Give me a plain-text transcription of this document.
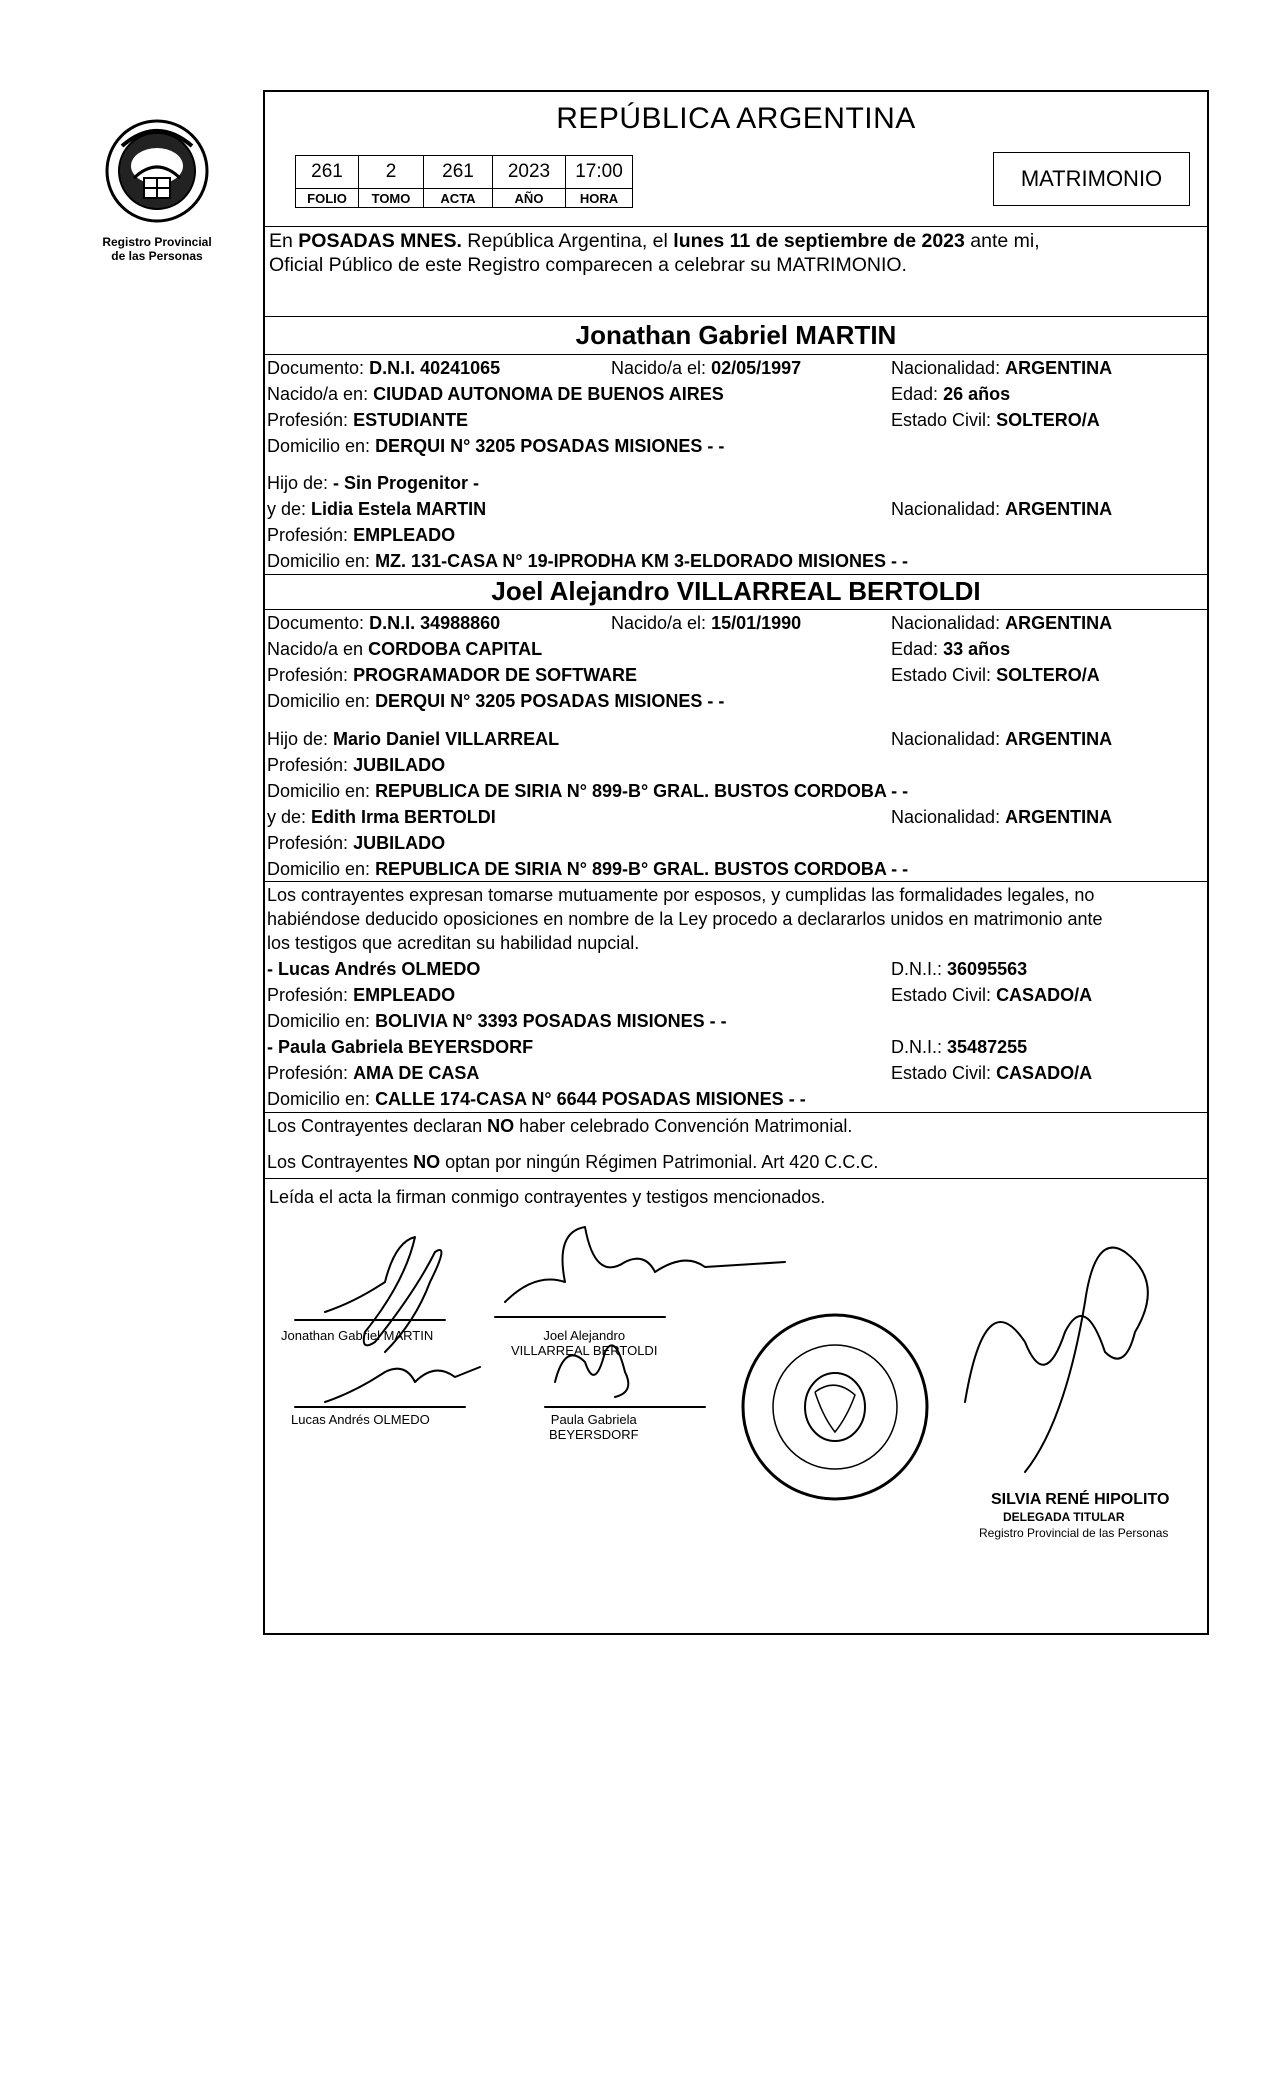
Registro Provincial
de las Personas
REPÚBLICA ARGENTINA
261	2	261	2023	17:00
FOLIO	TOMO	ACTA	AÑO	HORA
MATRIMONIO
En POSADAS MNES. República Argentina, el lunes 11 de septiembre de 2023 ante mi,
Oficial Público de este Registro comparecen a celebrar su MATRIMONIO.
Jonathan Gabriel MARTIN
Documento: D.N.I. 40241065	Nacido/a el: 02/05/1997	Nacionalidad: ARGENTINA
Nacido/a en: CIUDAD AUTONOMA DE BUENOS AIRES	Edad: 26 años
Profesión: ESTUDIANTE	Estado Civil: SOLTERO/A
Domicilio en: DERQUI N° 3205 POSADAS MISIONES - -
Hijo de: - Sin Progenitor -
y de: Lidia Estela MARTIN	Nacionalidad: ARGENTINA
Profesión: EMPLEADO
Domicilio en: MZ. 131-CASA N° 19-IPRODHA KM 3-ELDORADO MISIONES - -
Joel Alejandro VILLARREAL BERTOLDI
Documento: D.N.I. 34988860	Nacido/a el: 15/01/1990	Nacionalidad: ARGENTINA
Nacido/a en CORDOBA CAPITAL	Edad: 33 años
Profesión: PROGRAMADOR DE SOFTWARE	Estado Civil: SOLTERO/A
Domicilio en: DERQUI N° 3205 POSADAS MISIONES - -
Hijo de: Mario Daniel VILLARREAL	Nacionalidad: ARGENTINA
Profesión: JUBILADO
Domicilio en: REPUBLICA DE SIRIA N° 899-B° GRAL. BUSTOS CORDOBA - -
y de: Edith Irma BERTOLDI	Nacionalidad: ARGENTINA
Profesión: JUBILADO
Domicilio en: REPUBLICA DE SIRIA N° 899-B° GRAL. BUSTOS CORDOBA - -
Los contrayentes expresan tomarse mutuamente por esposos, y cumplidas las formalidades legales, no
habiéndose deducido oposiciones en nombre de la Ley procedo a declararlos unidos en matrimonio ante
los testigos que acreditan su habilidad nupcial.
- Lucas Andrés OLMEDO	D.N.I.: 36095563
Profesión: EMPLEADO	Estado Civil: CASADO/A
Domicilio en: BOLIVIA N° 3393 POSADAS MISIONES - -
- Paula Gabriela BEYERSDORF	D.N.I.: 35487255
Profesión: AMA DE CASA	Estado Civil: CASADO/A
Domicilio en: CALLE 174-CASA N° 6644 POSADAS MISIONES - -
Los Contrayentes declaran NO haber celebrado Convención Matrimonial.
Los Contrayentes NO optan por ningún Régimen Patrimonial. Art 420 C.C.C.
Leída el acta la firman conmigo contrayentes y testigos mencionados.
Jonathan Gabriel MARTIN	Joel Alejandro
VILLARREAL BERTOLDI
Lucas Andrés OLMEDO	Paula Gabriela
BEYERSDORF
SILVIA RENÉ HIPOLITO
DELEGADA TITULAR
Registro Provincial de las Personas
